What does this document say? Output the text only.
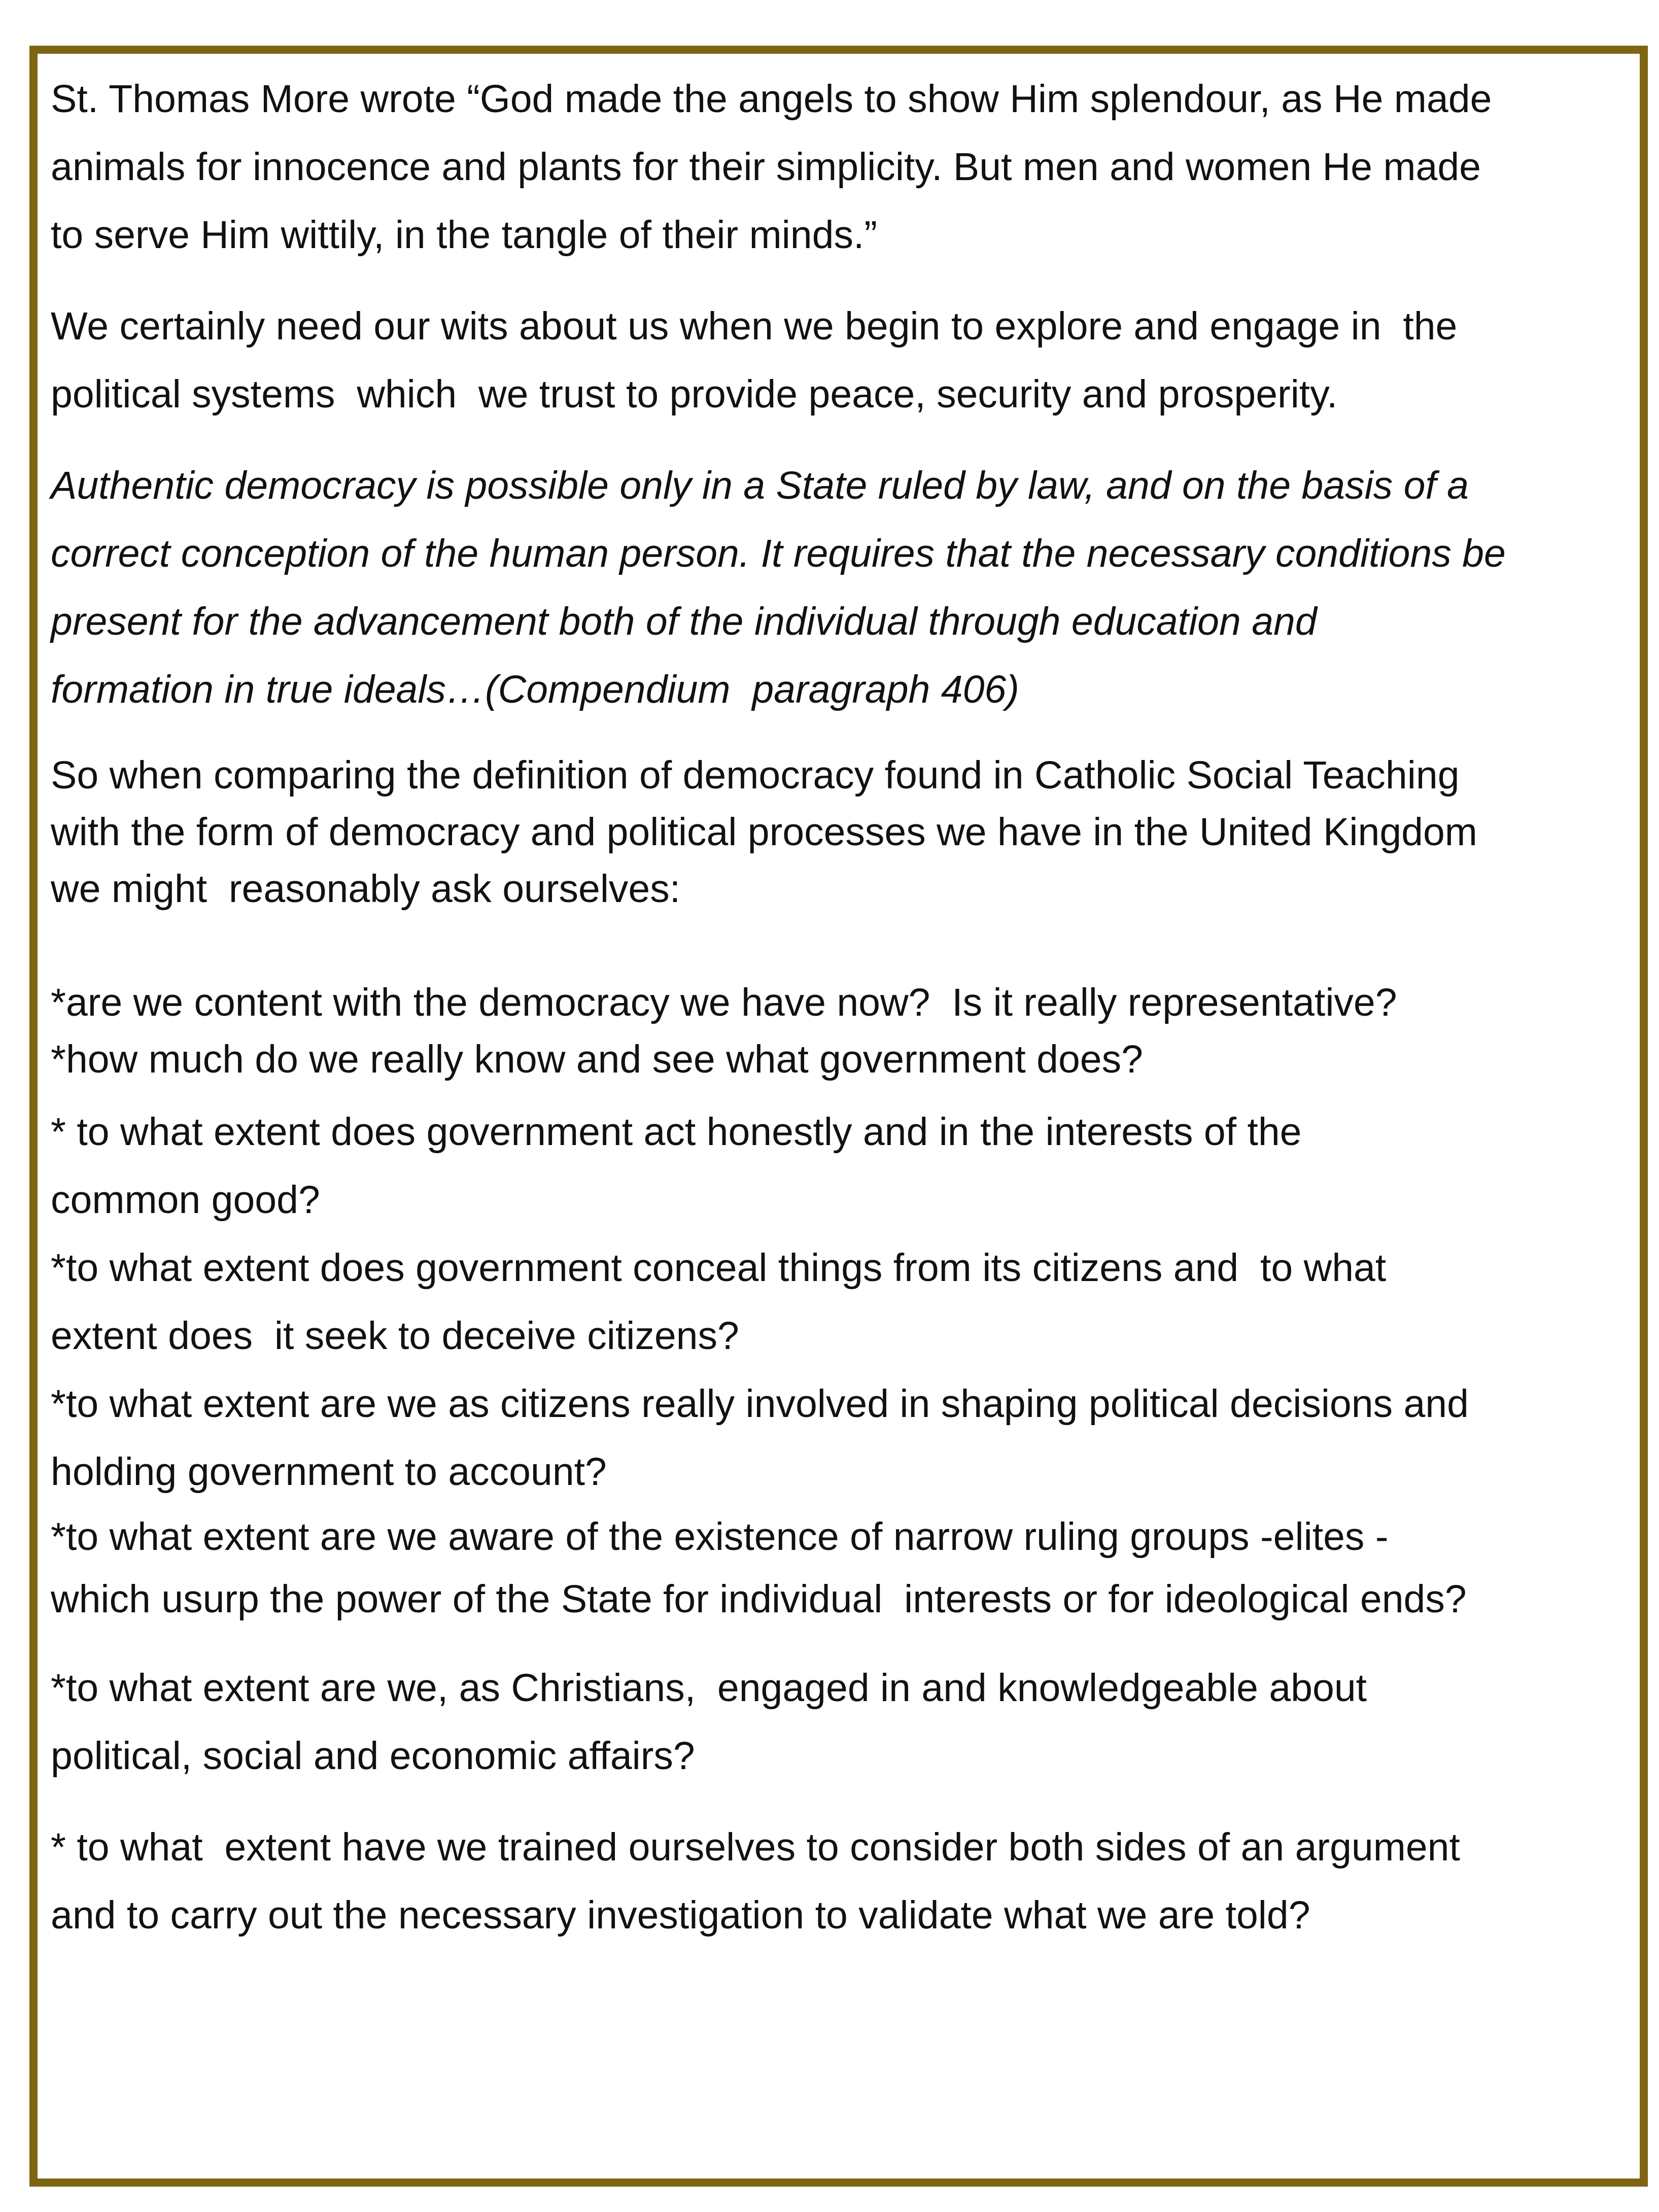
St. Thomas More wrote “God made the angels to show Him splendour, as He made
animals for innocence and plants for their simplicity. But men and women He made
to serve Him wittily, in the tangle of their minds.”

We certainly need our wits about us when we begin to explore and engage in  the
political systems  which  we trust to provide peace, security and prosperity.

Authentic democracy is possible only in a State ruled by law, and on the basis of a
correct conception of the human person. It requires that the necessary conditions be
present for the advancement both of the individual through education and
formation in true ideals…(Compendium  paragraph 406)

So when comparing the definition of democracy found in Catholic Social Teaching
with the form of democracy and political processes we have in the United Kingdom
we might  reasonably ask ourselves:

*are we content with the democracy we have now?  Is it really representative?
*how much do we really know and see what government does?

* to what extent does government act honestly and in the interests of the
common good?
*to what extent does government conceal things from its citizens and  to what
extent does  it seek to deceive citizens?
*to what extent are we as citizens really involved in shaping political decisions and
holding government to account?

*to what extent are we aware of the existence of narrow ruling groups -elites -
which usurp the power of the State for individual  interests or for ideological ends?

*to what extent are we, as Christians,  engaged in and knowledgeable about
political, social and economic affairs?

* to what  extent have we trained ourselves to consider both sides of an argument
and to carry out the necessary investigation to validate what we are told?
